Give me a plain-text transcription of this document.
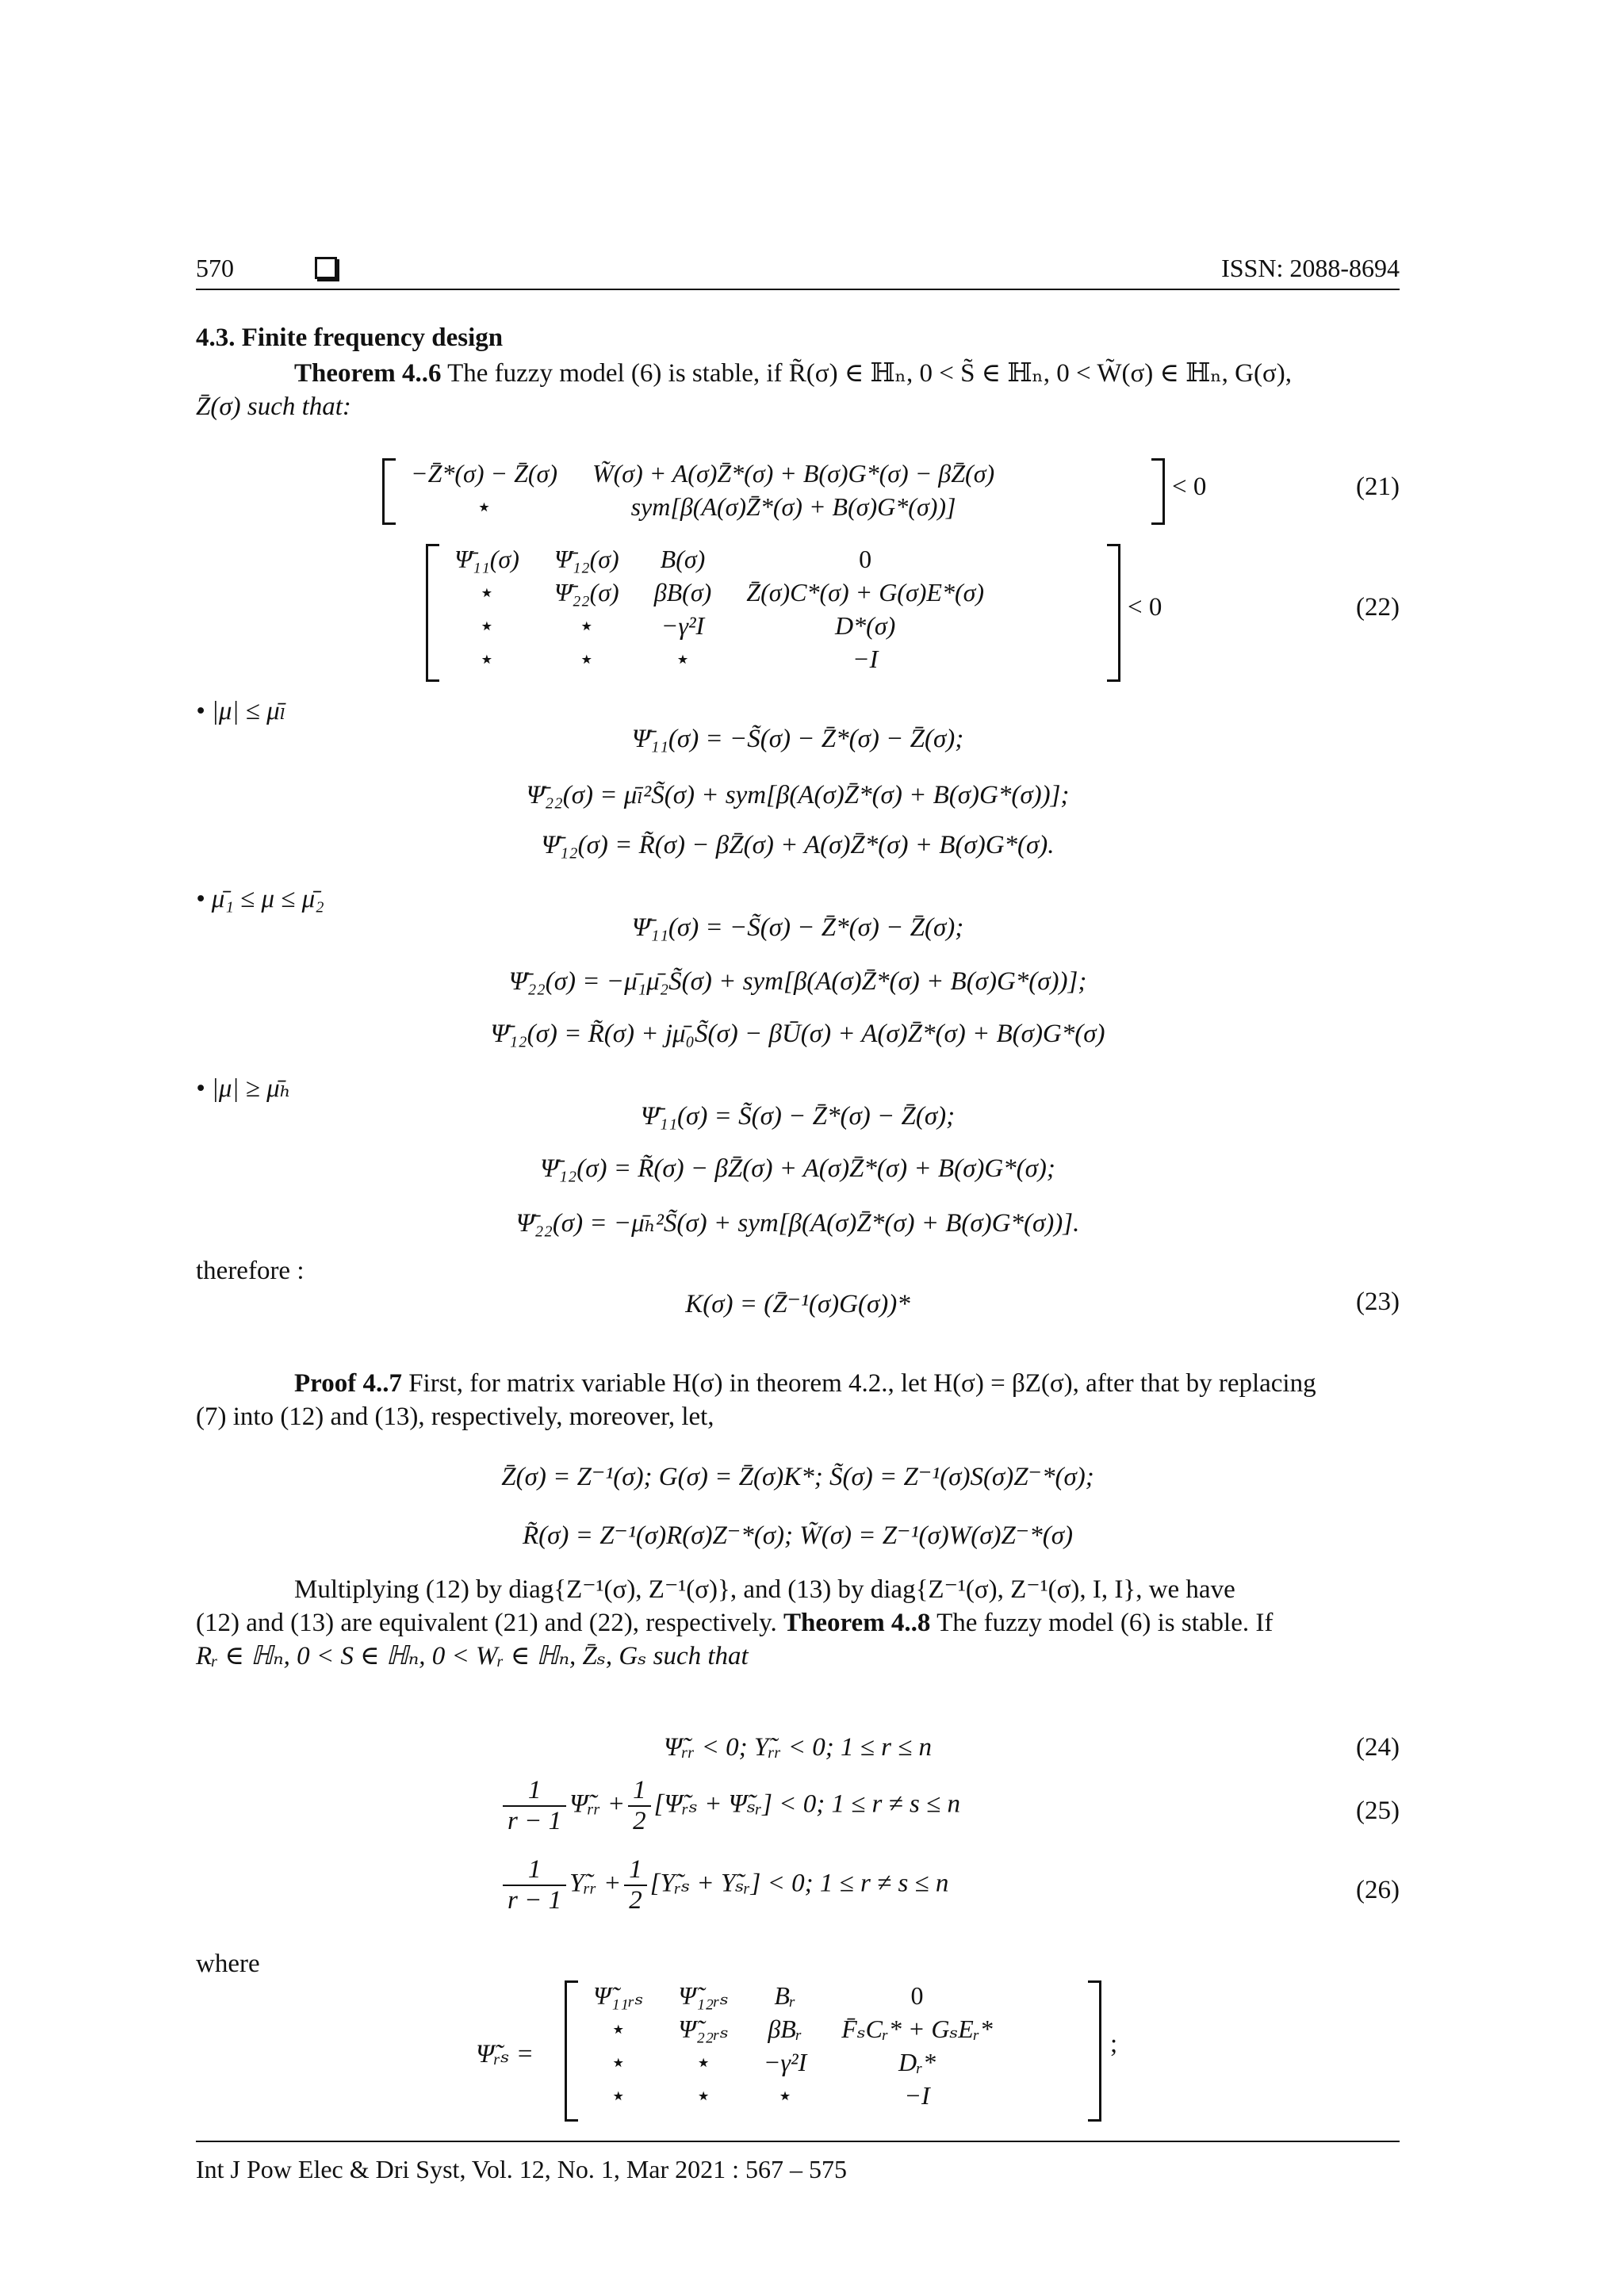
570	ISSN: 2088-8694
4.3. Finite frequency design
Theorem 4..6 The fuzzy model (6) is stable, if R̃(σ) ∈ ℍₙ, 0 < S̃ ∈ ℍₙ, 0 < W̃(σ) ∈ ℍₙ, G(σ),
Z̄(σ) such that:
−Z̄*(σ) − Z̄(σ)	W̃(σ) + A(σ)Z̄*(σ) + B(σ)G*(σ) − βZ̄(σ)
⋆	sym[β(A(σ)Z̄*(σ) + B(σ)G*(σ))]
< 0	(21)
Ψ̄₁₁(σ)	Ψ̄₁₂(σ)	B(σ)	0
⋆	Ψ̄₂₂(σ)	βB(σ)	Z̄(σ)C*(σ) + G(σ)E*(σ)
⋆	⋆	−γ²I	D*(σ)
⋆	⋆	⋆	−I
< 0	(22)
• |μ| ≤ μ̄ₗ
Ψ̄₁₁(σ) = −S̃(σ) − Z̄*(σ) − Z̄(σ);
Ψ̄₂₂(σ) = μ̄ₗ²S̃(σ) + sym[β(A(σ)Z̄*(σ) + B(σ)G*(σ))];
Ψ̄₁₂(σ) = R̃(σ) − βZ̄(σ) + A(σ)Z̄*(σ) + B(σ)G*(σ).
• μ̄₁ ≤ μ ≤ μ̄₂
Ψ̄₁₁(σ) = −S̃(σ) − Z̄*(σ) − Z̄(σ);
Ψ̄₂₂(σ) = −μ̄₁μ̄₂S̃(σ) + sym[β(A(σ)Z̄*(σ) + B(σ)G*(σ))];
Ψ̄₁₂(σ) = R̃(σ) + jμ̄₀S̃(σ) − βŪ(σ) + A(σ)Z̄*(σ) + B(σ)G*(σ)
• |μ| ≥ μ̄ₕ
Ψ̄₁₁(σ) = S̃(σ) − Z̄*(σ) − Z̄(σ);
Ψ̄₁₂(σ) = R̃(σ) − βZ̄(σ) + A(σ)Z̄*(σ) + B(σ)G*(σ);
Ψ̄₂₂(σ) = −μ̄ₕ²S̃(σ) + sym[β(A(σ)Z̄*(σ) + B(σ)G*(σ))].
therefore :
K(σ) = (Z̄⁻¹(σ)G(σ))*	(23)
Proof 4..7 First, for matrix variable H(σ) in theorem 4.2., let H(σ) = βZ(σ), after that by replacing
(7) into (12) and (13), respectively, moreover, let,
Z̄(σ) = Z⁻¹(σ); G(σ) = Z̄(σ)K*; S̃(σ) = Z⁻¹(σ)S(σ)Z⁻*(σ);
R̃(σ) = Z⁻¹(σ)R(σ)Z⁻*(σ); W̃(σ) = Z⁻¹(σ)W(σ)Z⁻*(σ)
Multiplying (12) by diag{Z⁻¹(σ), Z⁻¹(σ)}, and (13) by diag{Z⁻¹(σ), Z⁻¹(σ), I, I}, we have
(12) and (13) are equivalent (21) and (22), respectively. Theorem 4..8 The fuzzy model (6) is stable. If
Rᵣ ∈ ℍₙ, 0 < S ∈ ℍₙ, 0 < Wᵣ ∈ ℍₙ, Z̄ₛ, Gₛ such that
Ψ̃ᵣᵣ < 0; Υ̃ᵣᵣ < 0; 1 ≤ r ≤ n	(24)
$\frac{1}{r - 1}$ Ψ̃ᵣᵣ + $\frac{1}{2}$ [Ψ̃ᵣₛ + Ψ̃ₛᵣ] < 0; 1 ≤ r ≠ s ≤ n	(25)
$\frac{1}{r - 1}$ Υ̃ᵣᵣ + $\frac{1}{2}$ [Υ̃ᵣₛ + Υ̃ₛᵣ] < 0; 1 ≤ r ≠ s ≤ n	(26)
where
Ψ̃ᵣₛ =
Ψ̃₁₁ᵣₛ	Ψ̃₁₂ᵣₛ	Bᵣ	0
⋆	Ψ̃₂₂ᵣₛ	βBᵣ	F̄ₛCᵣ* + GₛEᵣ*
⋆	⋆	−γ²I	Dᵣ*
⋆	⋆	⋆	−I
;
Int J Pow Elec & Dri Syst, Vol. 12, No. 1, Mar 2021 : 567 – 575
